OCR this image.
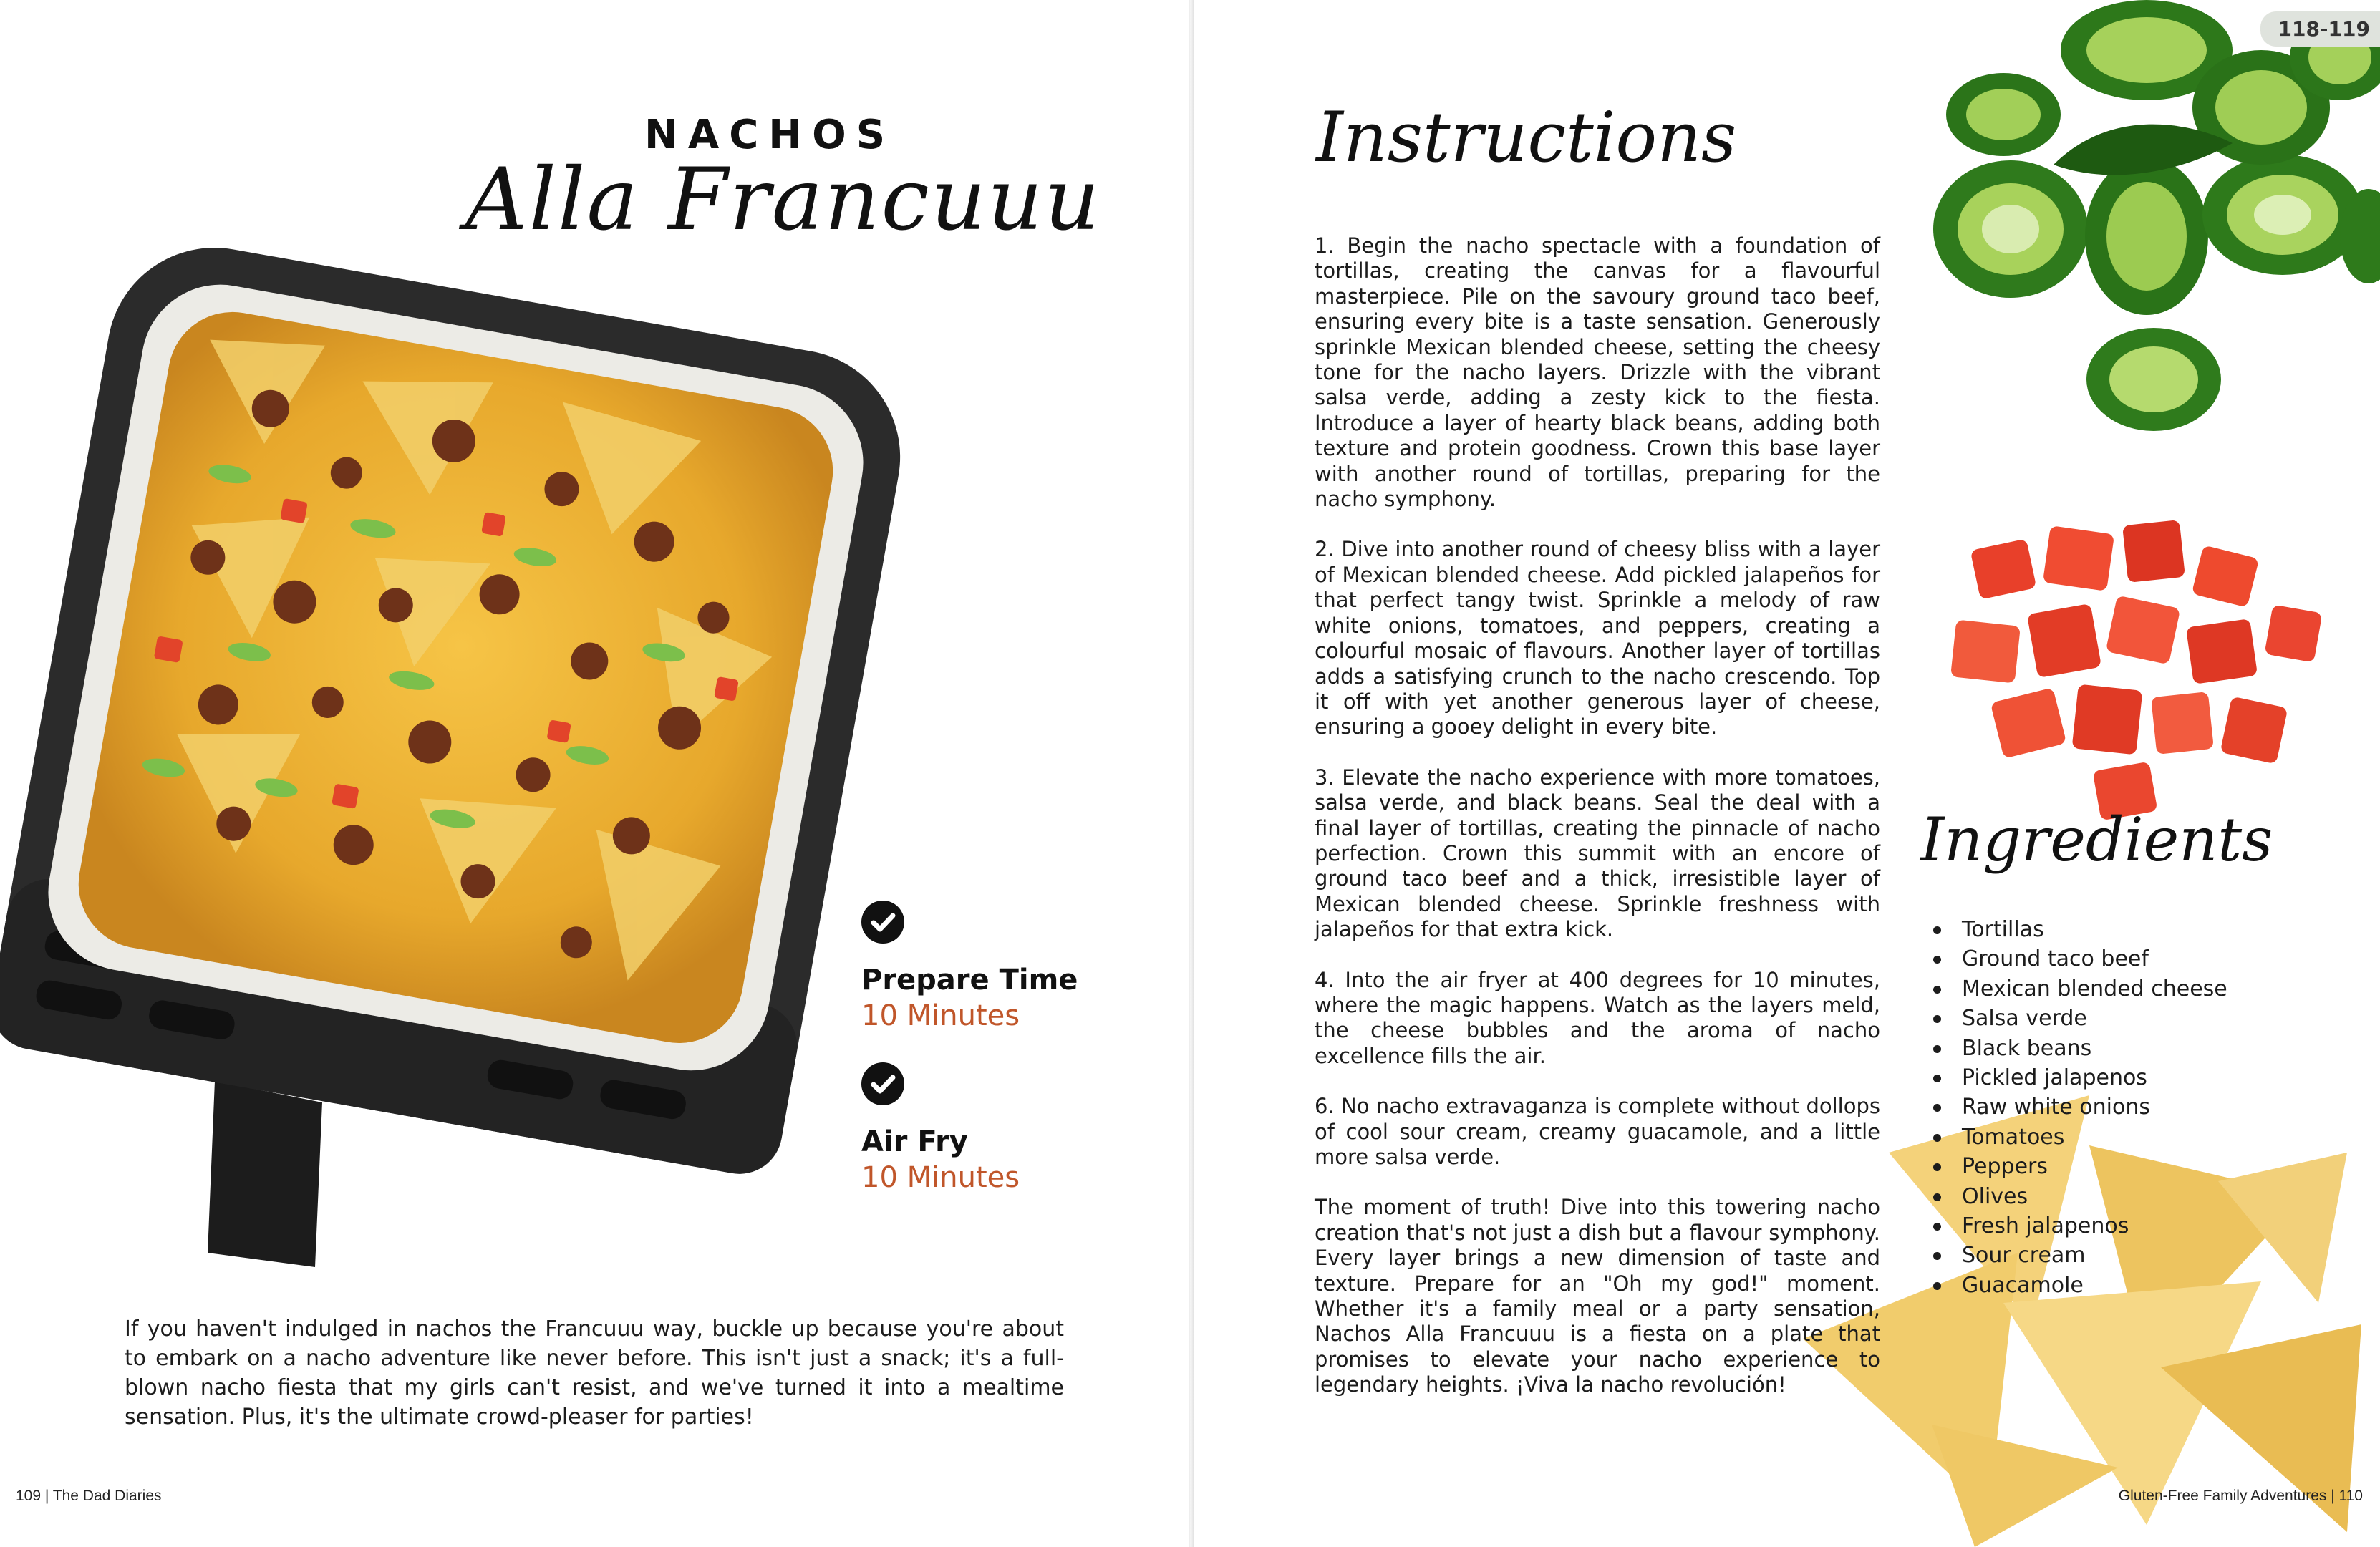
NACHOS
Alla Francuuu
Prepare Time
10 Minutes
Air Fry
10 Minutes
If you haven't indulged in nachos the Francuuu way, buckle up because you're about to embark on a nacho adventure like never before. This isn't just a snack; it's a full-blown nacho fiesta that my girls can't resist, and we've turned it into a mealtime sensation. Plus, it's the ultimate crowd-pleaser for parties!
109 | The Dad Diaries
118-119
Instructions

1. Begin the nacho spectacle with a foundation of tortillas, creating the canvas for a flavourful masterpiece. Pile on the savoury ground taco beef, ensuring every bite is a taste sensation. Generously sprinkle Mexican blended cheese, setting the cheesy tone for the nacho layers. Drizzle with the vibrant salsa verde, adding a zesty kick to the fiesta. Introduce a layer of hearty black beans, adding both texture and protein goodness. Crown this base layer with another round of tortillas, preparing for the nacho symphony.

2. Dive into another round of cheesy bliss with a layer of Mexican blended cheese. Add pickled jalapeños for that perfect tangy twist. Sprinkle a melody of raw white onions, tomatoes, and peppers, creating a colourful mosaic of flavours. Another layer of tortillas adds a satisfying crunch to the nacho crescendo. Top it off with yet another generous layer of cheese, ensuring a gooey delight in every bite.

3. Elevate the nacho experience with more tomatoes, salsa verde, and black beans. Seal the deal with a final layer of tortillas, creating the pinnacle of nacho perfection. Crown this summit with an encore of ground taco beef and a thick, irresistible layer of Mexican blended cheese. Sprinkle freshness with jalapeños for that extra kick.

4. Into the air fryer at 400 degrees for 10 minutes, where the magic happens. Watch as the layers meld, the cheese bubbles and the aroma of nacho excellence fills the air.

6. No nacho extravaganza is complete without dollops of cool sour cream, creamy guacamole, and a little more salsa verde.

The moment of truth! Dive into this towering nacho creation that's not just a dish but a flavour symphony. Every layer brings a new dimension of taste and texture. Prepare for an "Oh my god!" moment. Whether it's a family meal or a party sensation, Nachos Alla Francuuu is a fiesta on a plate that promises to elevate your nacho experience to legendary heights. ¡Viva la nacho revolución!

Ingredients
Tortillas
Ground taco beef
Mexican blended cheese
Salsa verde
Black beans
Pickled jalapenos
Raw white onions
Tomatoes
Peppers
Olives
Fresh jalapenos
Sour cream
Guacamole
Gluten-Free Family Adventures | 110
